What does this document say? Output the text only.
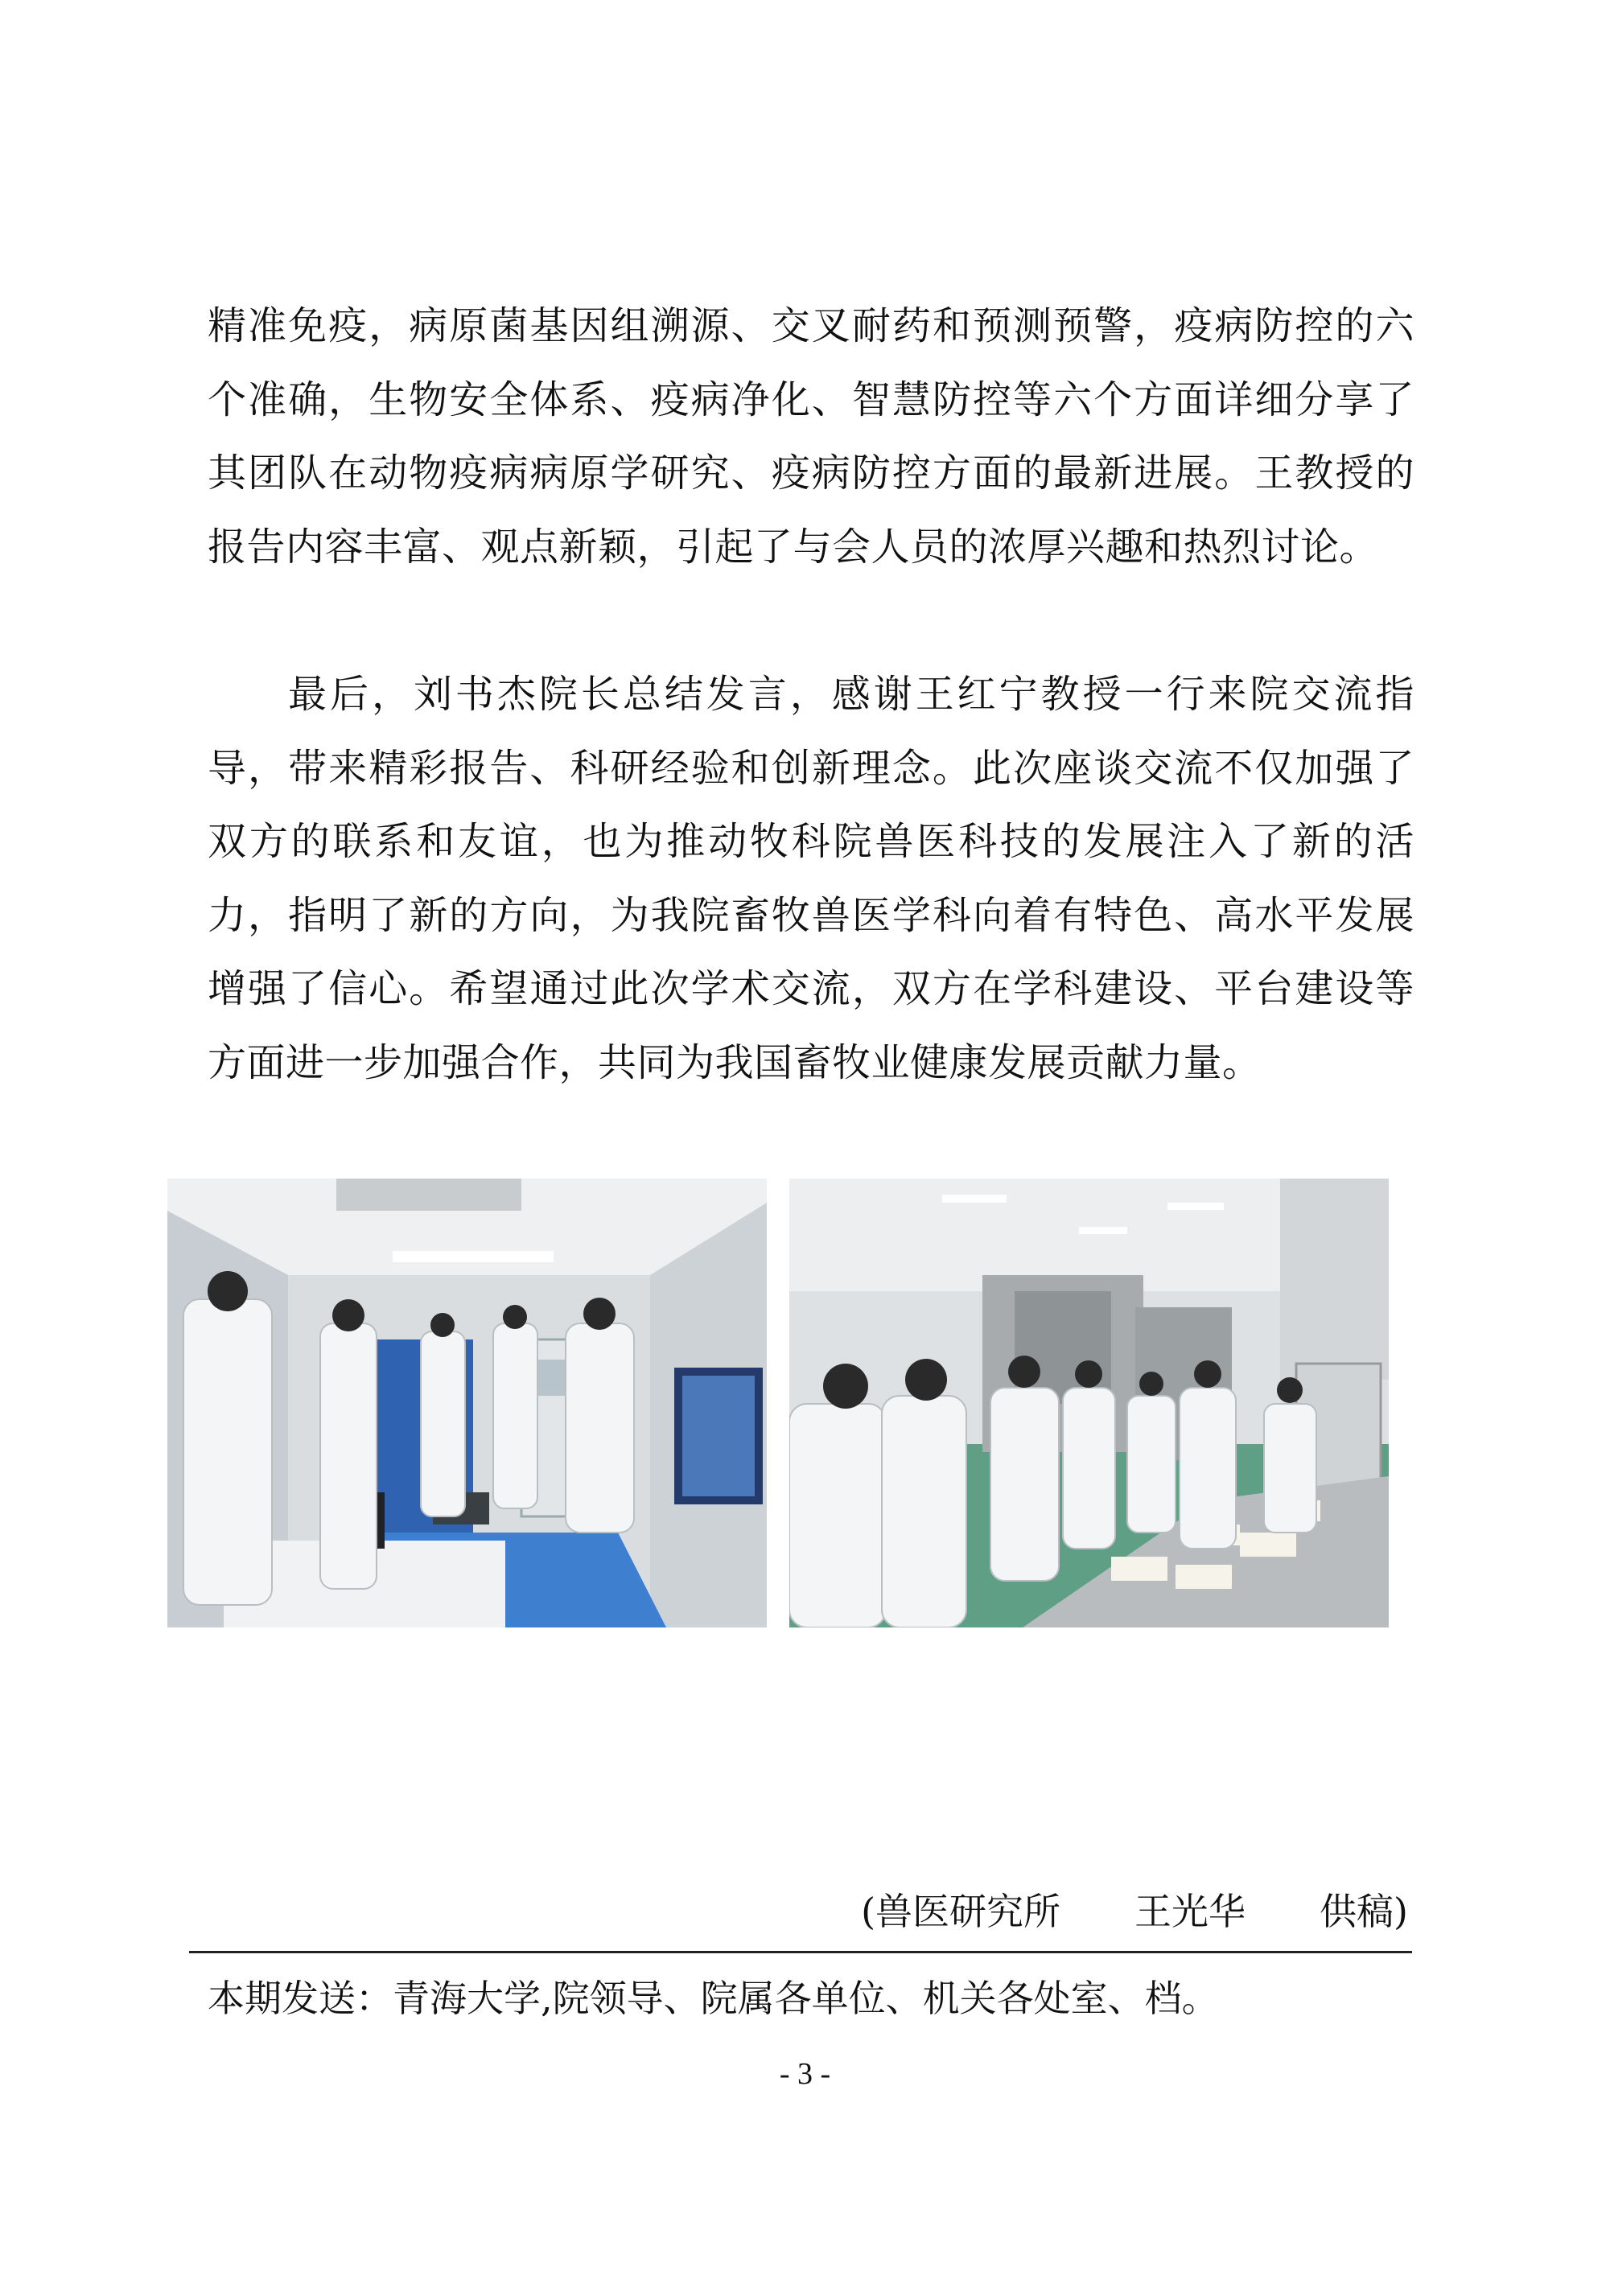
精准免疫，病原菌基因组溯源、交叉耐药和预测预警，疫病防控的六个准确，生物安全体系、疫病净化、智慧防控等六个方面详细分享了其团队在动物疫病病原学研究、疫病防控方面的最新进展。王教授的报告内容丰富、观点新颖，引起了与会人员的浓厚兴趣和热烈讨论。
最后，刘书杰院长总结发言，感谢王红宁教授一行来院交流指导，带来精彩报告、科研经验和创新理念。此次座谈交流不仅加强了双方的联系和友谊，也为推动牧科院兽医科技的发展注入了新的活力，指明了新的方向，为我院畜牧兽医学科向着有特色、高水平发展增强了信心。希望通过此次学术交流，双方在学科建设、平台建设等方面进一步加强合作，共同为我国畜牧业健康发展贡献力量。
(兽医研究所　　王光华　　供稿)
本期发送：青海大学,院领导、院属各单位、机关各处室、档。
- 3 -
